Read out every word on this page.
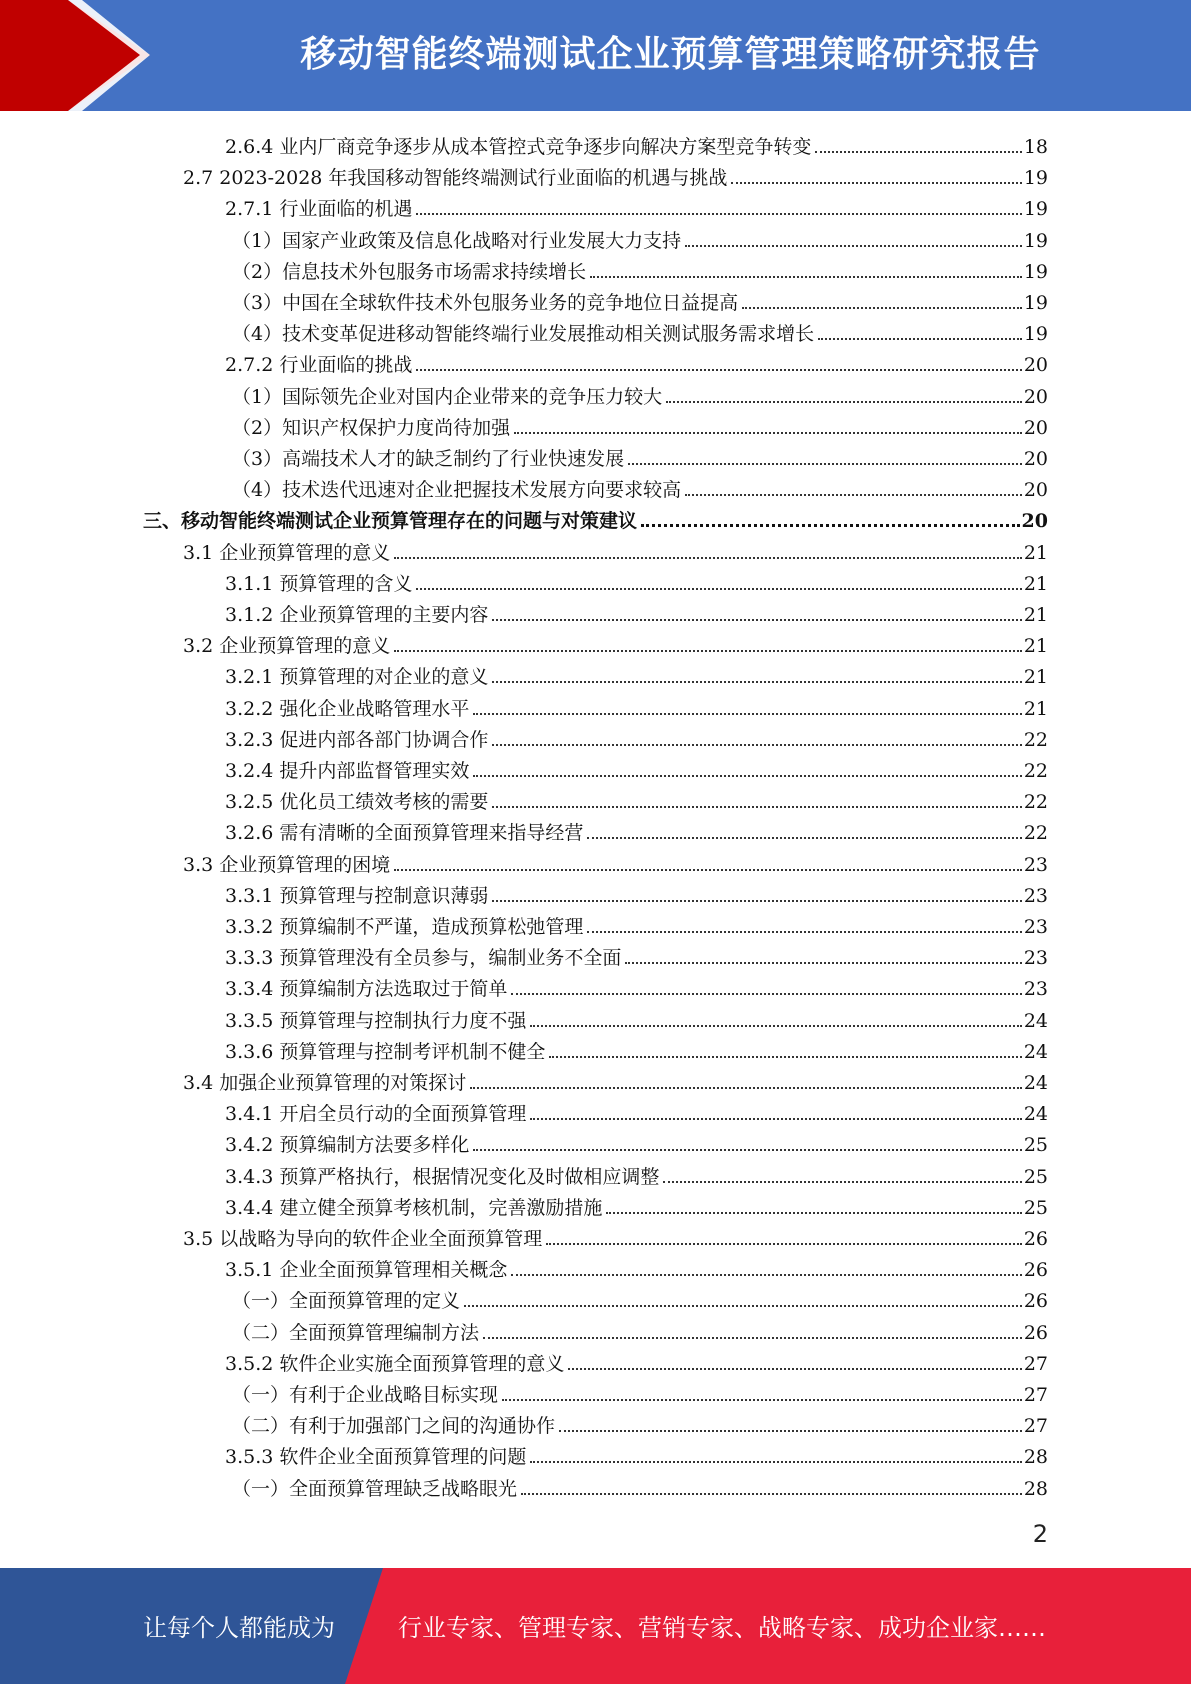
移动智能终端测试企业预算管理策略研究报告
2.6.4 业内厂商竞争逐步从成本管控式竞争逐步向解决方案型竞争转变	18
2.7 2023-2028 年我国移动智能终端测试行业面临的机遇与挑战	19
2.7.1 行业面临的机遇	19
（1）国家产业政策及信息化战略对行业发展大力支持	19
（2）信息技术外包服务市场需求持续增长	19
（3）中国在全球软件技术外包服务业务的竞争地位日益提高	19
（4）技术变革促进移动智能终端行业发展推动相关测试服务需求增长	19
2.7.2 行业面临的挑战	20
（1）国际领先企业对国内企业带来的竞争压力较大	20
（2）知识产权保护力度尚待加强	20
（3）高端技术人才的缺乏制约了行业快速发展	20
（4）技术迭代迅速对企业把握技术发展方向要求较高	20
三、移动智能终端测试企业预算管理存在的问题与对策建议	20
3.1 企业预算管理的意义	21
3.1.1 预算管理的含义	21
3.1.2 企业预算管理的主要内容	21
3.2 企业预算管理的意义	21
3.2.1 预算管理的对企业的意义	21
3.2.2 强化企业战略管理水平	21
3.2.3 促进内部各部门协调合作	22
3.2.4 提升内部监督管理实效	22
3.2.5 优化员工绩效考核的需要	22
3.2.6 需有清晰的全面预算管理来指导经营	22
3.3 企业预算管理的困境	23
3.3.1 预算管理与控制意识薄弱	23
3.3.2 预算编制不严谨，造成预算松弛管理	23
3.3.3 预算管理没有全员参与，编制业务不全面	23
3.3.4 预算编制方法选取过于简单	23
3.3.5 预算管理与控制执行力度不强	24
3.3.6 预算管理与控制考评机制不健全	24
3.4 加强企业预算管理的对策探讨	24
3.4.1 开启全员行动的全面预算管理	24
3.4.2 预算编制方法要多样化	25
3.4.3 预算严格执行，根据情况变化及时做相应调整	25
3.4.4 建立健全预算考核机制，完善激励措施	25
3.5 以战略为导向的软件企业全面预算管理	26
3.5.1 企业全面预算管理相关概念	26
（一）全面预算管理的定义	26
（二）全面预算管理编制方法	26
3.5.2 软件企业实施全面预算管理的意义	27
（一）有利于企业战略目标实现	27
（二）有利于加强部门之间的沟通协作	27
3.5.3 软件企业全面预算管理的问题	28
（一）全面预算管理缺乏战略眼光	28
2
让每个人都能成为	行业专家、管理专家、营销专家、战略专家、成功企业家……
